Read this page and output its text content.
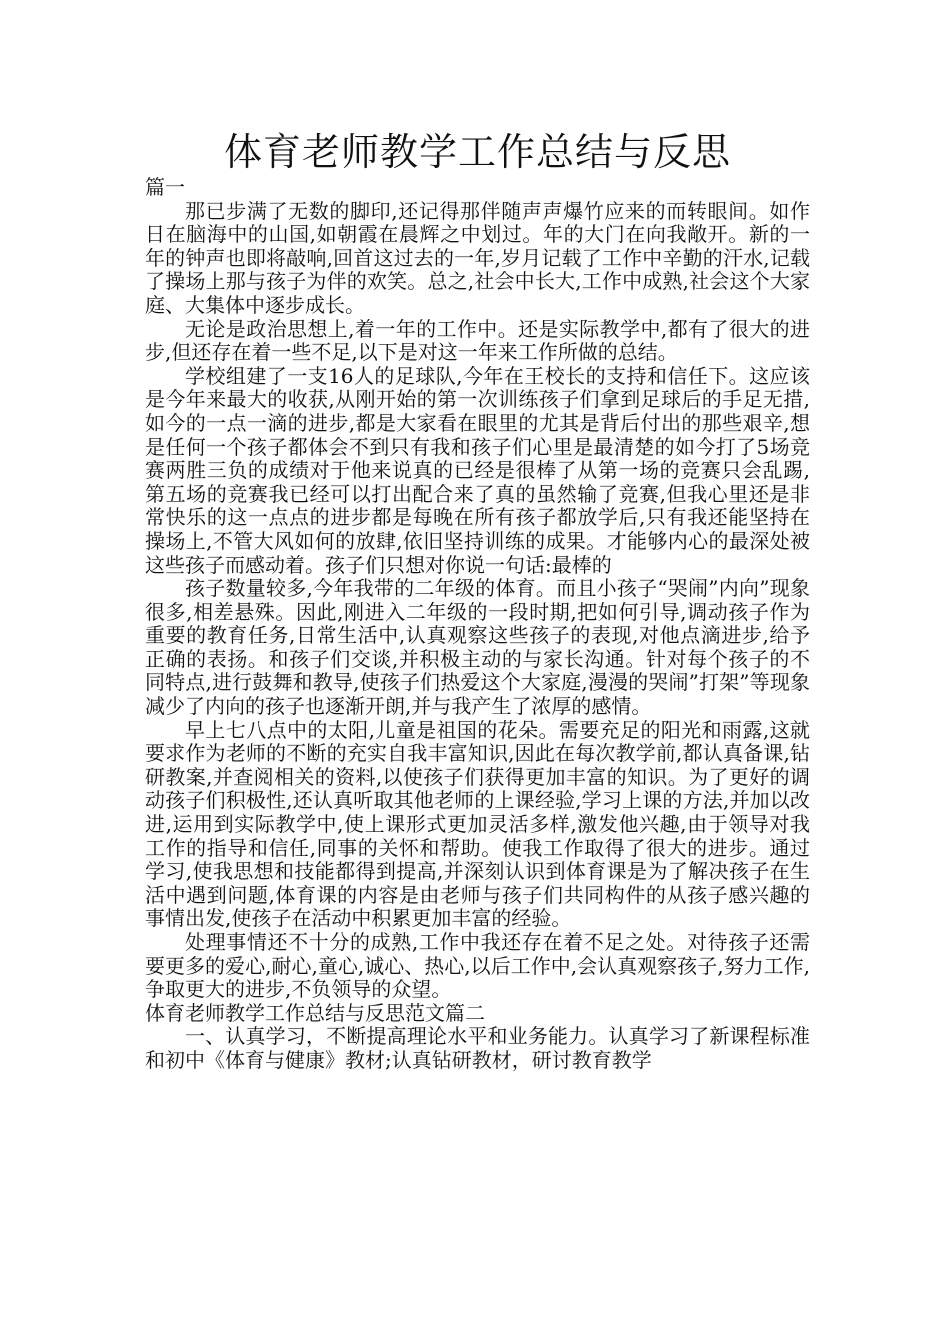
体育老师教学工作总结与反思

篇一

那已步满了无数的脚印,还记得那伴随声声爆竹应来的而转眼间。如作日在脑海中的山国,如朝霞在晨辉之中划过。年的大门在向我敞开。新的一年的钟声也即将敲响,回首这过去的一年,岁月记载了工作中辛勤的汗水,记载了操场上那与孩子为伴的欢笑。总之,社会中长大,工作中成熟,社会这个大家庭、大集体中逐步成长。

无论是政治思想上,着一年的工作中。还是实际教学中,都有了很大的进步,但还存在着一些不足,以下是对这一年来工作所做的总结。

学校组建了一支16人的足球队,今年在王校长的支持和信任下。这应该是今年来最大的收获,从刚开始的第一次训练孩子们拿到足球后的手足无措,如今的一点一滴的进步,都是大家看在眼里的尤其是背后付出的那些艰辛,想是任何一个孩子都体会不到只有我和孩子们心里是最清楚的如今打了5场竞赛两胜三负的成绩对于他来说真的已经是很棒了从第一场的竞赛只会乱踢,第五场的竞赛我已经可以打出配合来了真的虽然输了竞赛,但我心里还是非常快乐的这一点点的进步都是每晚在所有孩子都放学后,只有我还能坚持在操场上,不管大风如何的放肆,依旧坚持训练的成果。才能够内心的最深处被这些孩子而感动着。孩子们只想对你说一句话:最棒的

孩子数量较多,今年我带的二年级的体育。而且小孩子“哭闹”内向”现象很多,相差悬殊。因此,刚进入二年级的一段时期,把如何引导,调动孩子作为重要的教育任务,日常生活中,认真观察这些孩子的表现,对他点滴进步,给予正确的表扬。和孩子们交谈,并积极主动的与家长沟通。针对每个孩子的不同特点,进行鼓舞和教导,使孩子们热爱这个大家庭,漫漫的哭闹”打架”等现象减少了内向的孩子也逐渐开朗,并与我产生了浓厚的感情。

早上七八点中的太阳,儿童是祖国的花朵。需要充足的阳光和雨露,这就要求作为老师的不断的充实自我丰富知识,因此在每次教学前,都认真备课,钻研教案,并查阅相关的资料,以使孩子们获得更加丰富的知识。为了更好的调动孩子们积极性,还认真听取其他老师的上课经验,学习上课的方法,并加以改进,运用到实际教学中,使上课形式更加灵活多样,激发他兴趣,由于领导对我工作的指导和信任,同事的关怀和帮助。使我工作取得了很大的进步。通过学习,使我思想和技能都得到提高,并深刻认识到体育课是为了解决孩子在生活中遇到问题,体育课的内容是由老师与孩子们共同构件的从孩子感兴趣的事情出发,使孩子在活动中积累更加丰富的经验。

处理事情还不十分的成熟,工作中我还存在着不足之处。对待孩子还需要更多的爱心,耐心,童心,诚心、热心,以后工作中,会认真观察孩子,努力工作,争取更大的进步,不负领导的众望。

体育老师教学工作总结与反思范文篇二

一、认真学习，不断提高理论水平和业务能力。认真学习了新课程标准和初中《体育与健康》教材;认真钻研教材，研讨教育教学
